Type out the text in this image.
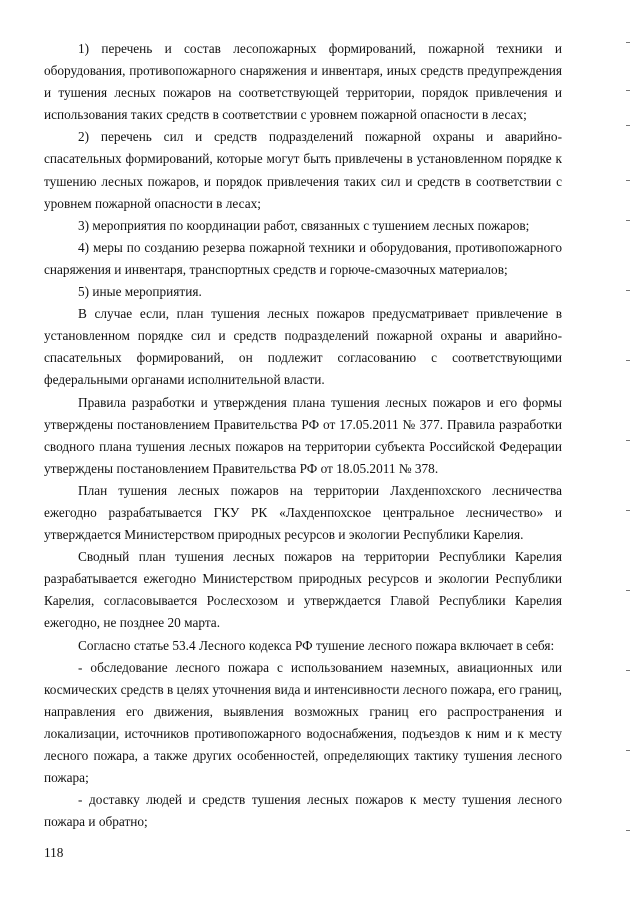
1) перечень и состав лесопожарных формирований, пожарной техники и оборудования, противопожарного снаряжения и инвентаря, иных средств предупреждения и тушения лесных пожаров на соответствующей территории, порядок привлечения и использования таких средств в соответствии с уровнем пожарной опасности в лесах;

2) перечень сил и средств подразделений пожарной охраны и аварийно-спасательных формирований, которые могут быть привлечены в установленном порядке к тушению лесных пожаров, и порядок привлечения таких сил и средств в соответствии с уровнем пожарной опасности в лесах;

3) мероприятия по координации работ, связанных с тушением лесных пожаров;

4) меры по созданию резерва пожарной техники и оборудования, противопожарного снаряжения и инвентаря, транспортных средств и горюче-смазочных материалов;

5) иные мероприятия.

В случае если, план тушения лесных пожаров предусматривает привлечение в установленном порядке сил и средств подразделений пожарной охраны и аварийно-спасательных формирований, он подлежит согласованию с соответствующими федеральными органами исполнительной власти.

Правила разработки и утверждения плана тушения лесных пожаров и его формы утверждены постановлением Правительства РФ от 17.05.2011 № 377. Правила разработки сводного плана тушения лесных пожаров на территории субъекта Российской Федерации утверждены постановлением Правительства РФ от 18.05.2011 № 378.

План тушения лесных пожаров на территории Лахденпохского лесничества ежегодно разрабатывается ГКУ РК «Лахденпохское центральное лесничество» и утверждается Министерством природных ресурсов и экологии Республики Карелия.

Сводный план тушения лесных пожаров на территории Республики Карелия разрабатывается ежегодно Министерством природных ресурсов и экологии Республики Карелия, согласовывается Рослесхозом и утверждается Главой Республики Карелия ежегодно, не позднее 20 марта.

Согласно статье 53.4 Лесного кодекса РФ тушение лесного пожара включает в себя:

- обследование лесного пожара с использованием наземных, авиационных или космических средств в целях уточнения вида и интенсивности лесного пожара, его границ, направления его движения, выявления возможных границ его распространения и локализации, источников противопожарного водоснабжения, подъездов к ним и к месту лесного пожара, а также других особенностей, определяющих тактику тушения лесного пожара;

- доставку людей и средств тушения лесных пожаров к месту тушения лесного пожара и обратно;

118
